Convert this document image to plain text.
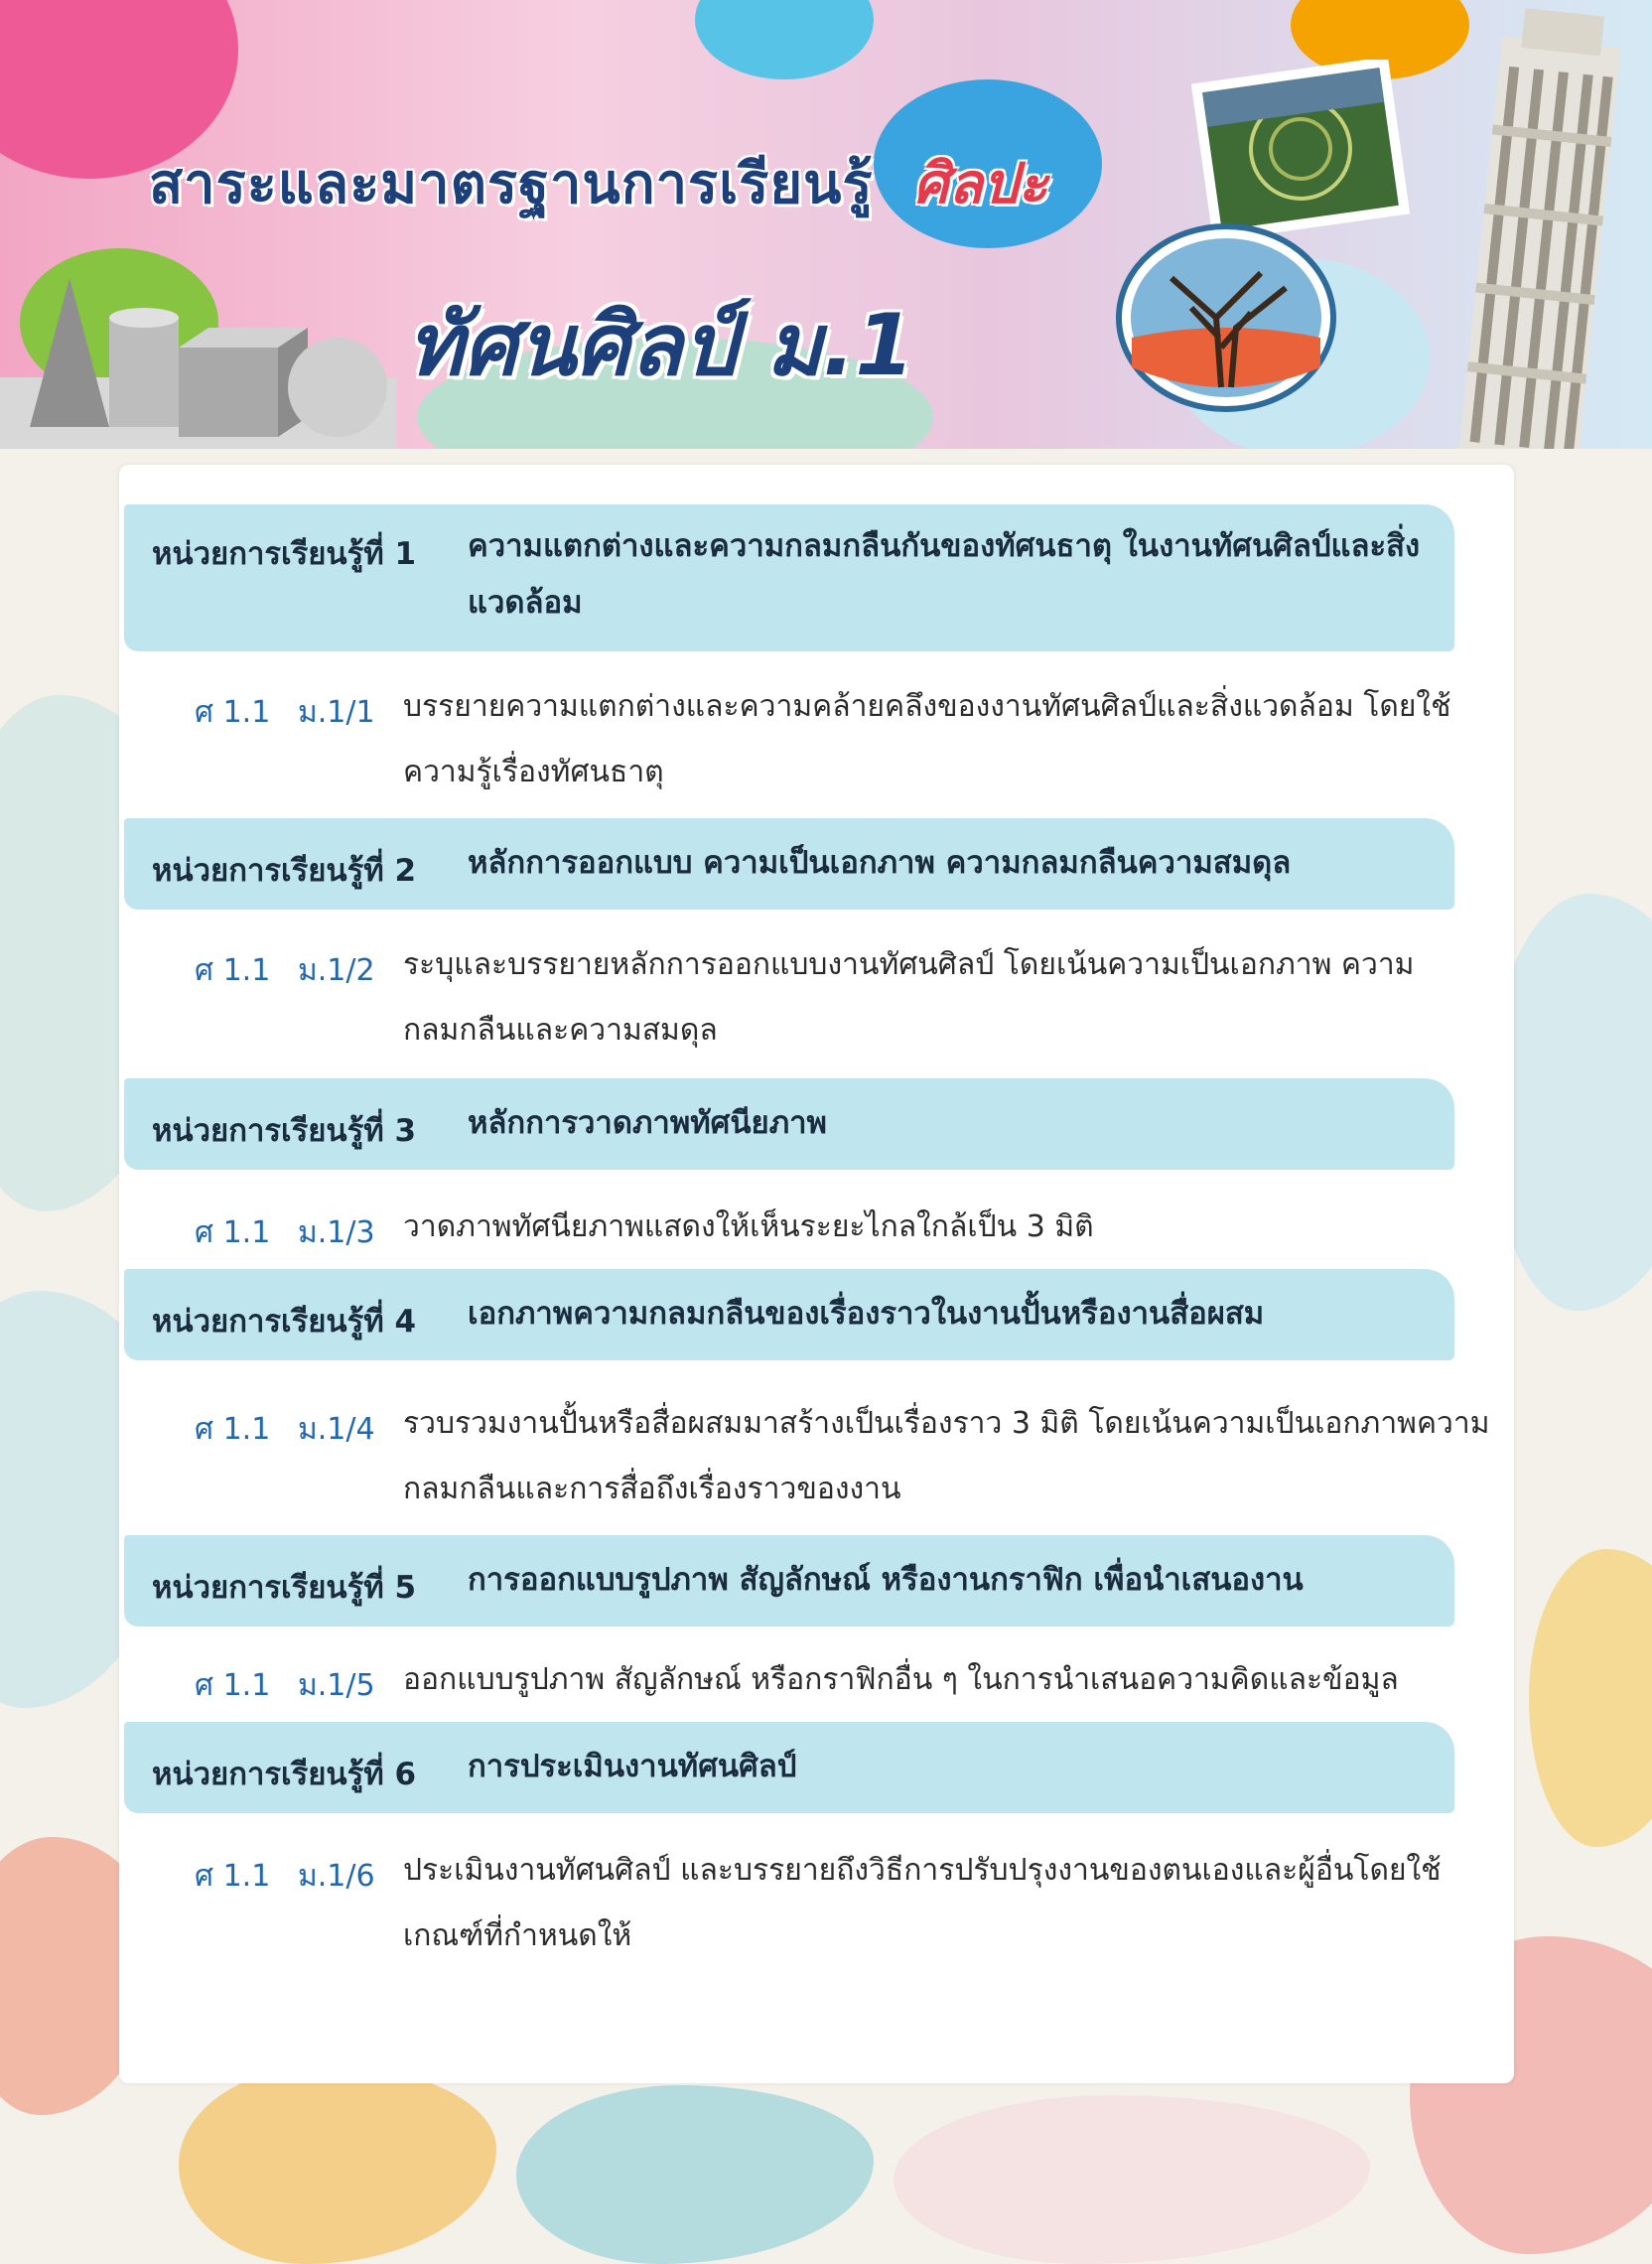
สาระและมาตรฐานการเรียนรู้ ศิลปะ
ทัศนศิลป์ ม.1
หน่วยการเรียนรู้ที่ 1 ความแตกต่างและความกลมกลืนกันของทัศนธาตุ ในงานทัศนศิลป์และสิ่งแวดล้อม
ศ 1.1 ม.1/1 บรรยายความแตกต่างและความคล้ายคลึงของงานทัศนศิลป์และสิ่งแวดล้อม โดยใช้ความรู้เรื่องทัศนธาตุ
หน่วยการเรียนรู้ที่ 2 หลักการออกแบบ ความเป็นเอกภาพ ความกลมกลืนความสมดุล
ศ 1.1 ม.1/2 ระบุและบรรยายหลักการออกแบบงานทัศนศิลป์ โดยเน้นความเป็นเอกภาพ ความกลมกลืนและความสมดุล
หน่วยการเรียนรู้ที่ 3 หลักการวาดภาพทัศนียภาพ
ศ 1.1 ม.1/3 วาดภาพทัศนียภาพแสดงให้เห็นระยะไกลใกล้เป็น 3 มิติ
หน่วยการเรียนรู้ที่ 4 เอกภาพความกลมกลืนของเรื่องราวในงานปั้นหรืองานสื่อผสม
ศ 1.1 ม.1/4 รวบรวมงานปั้นหรือสื่อผสมมาสร้างเป็นเรื่องราว 3 มิติ โดยเน้นความเป็นเอกภาพความกลมกลืนและการสื่อถึงเรื่องราวของงาน
หน่วยการเรียนรู้ที่ 5 การออกแบบรูปภาพ สัญลักษณ์ หรืองานกราฟิก เพื่อนำเสนองาน
ศ 1.1 ม.1/5 ออกแบบรูปภาพ สัญลักษณ์ หรือกราฟิกอื่น ๆ ในการนำเสนอความคิดและข้อมูล
หน่วยการเรียนรู้ที่ 6 การประเมินงานทัศนศิลป์
ศ 1.1 ม.1/6 ประเมินงานทัศนศิลป์ และบรรยายถึงวิธีการปรับปรุงงานของตนเองและผู้อื่นโดยใช้เกณฑ์ที่กำหนดให้
